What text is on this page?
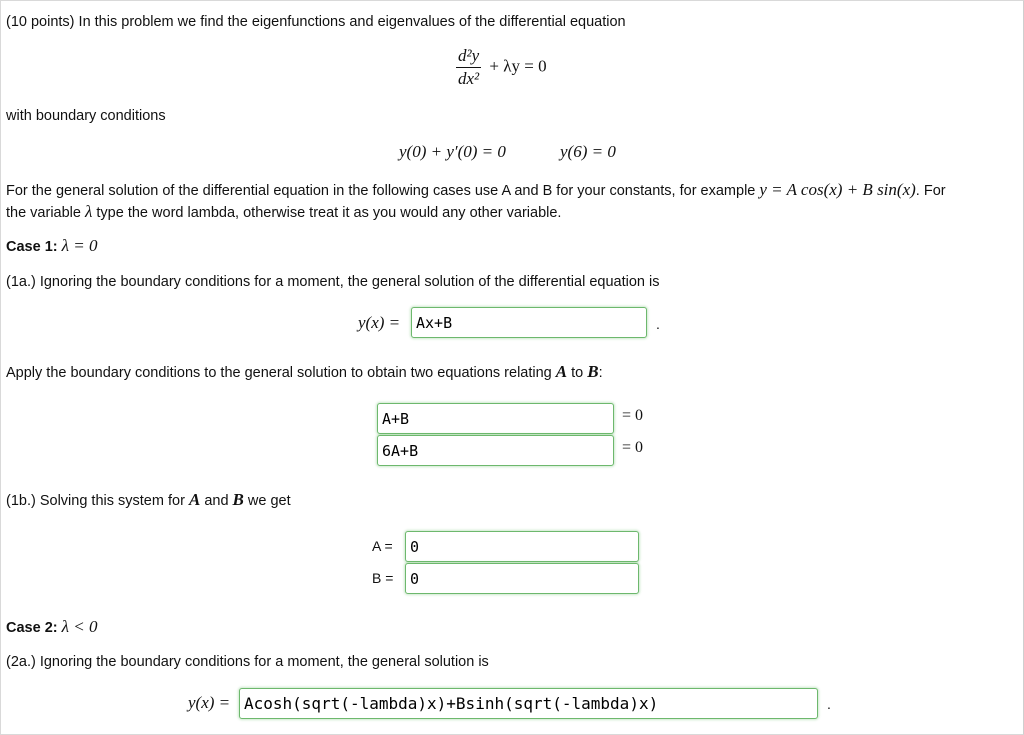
(10 points) In this problem we find the eigenfunctions and eigenvalues of the differential equation
$\frac{\text{d²y}}{\text{dx²}} + \lambda y = 0$
with boundary conditions
y(0) + y′(0) = 0	y(6) = 0
For the general solution of the differential equation in the following cases use A and B for your constants, for example y = A cos(x) + B sin(x). For
the variable λ type the word lambda, otherwise treat it as you would any other variable.
Case 1: λ = 0
(1a.) Ignoring the boundary conditions for a moment, the general solution of the differential equation is
y(x) =	Ax+B	.
Apply the boundary conditions to the general solution to obtain two equations relating A to B:
A+B	= 0
6A+B	= 0
(1b.) Solving this system for A and B we get
A =	0
B =	0
Case 2: λ < 0
(2a.) Ignoring the boundary conditions for a moment, the general solution is
y(x) = Acosh(sqrt(-lambda)x)+Bsinh(sqrt(-lambda)x)	.
